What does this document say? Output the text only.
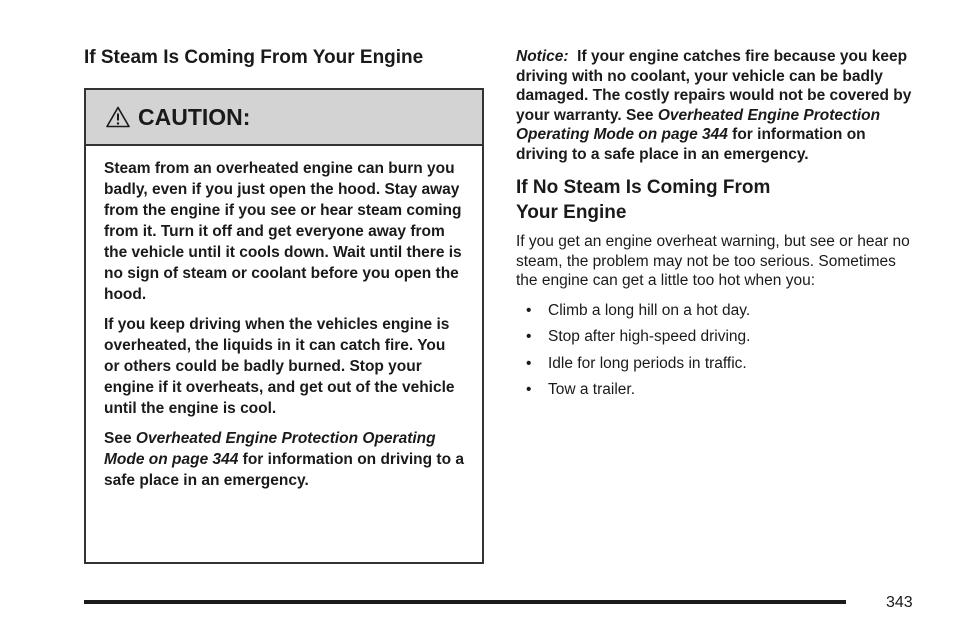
If Steam Is Coming From Your Engine
CAUTION:

Steam from an overheated engine can burn you badly, even if you just open the hood. Stay away from the engine if you see or hear steam coming from it. Turn it off and get everyone away from the vehicle until it cools down. Wait until there is no sign of steam or coolant before you open the hood.

If you keep driving when the vehicles engine is overheated, the liquids in it can catch fire. You or others could be badly burned. Stop your engine if it overheats, and get out of the vehicle until the engine is cool.

See Overheated Engine Protection Operating Mode on page 344 for information on driving to a safe place in an emergency.

Notice: If your engine catches fire because you keep driving with no coolant, your vehicle can be badly damaged. The costly repairs would not be covered by your warranty. See Overheated Engine Protection Operating Mode on page 344 for information on driving to a safe place in an emergency.

If No Steam Is Coming From
Your Engine

If you get an engine overheat warning, but see or hear no steam, the problem may not be too serious. Sometimes the engine can get a little too hot when you:

• Climb a long hill on a hot day.
• Stop after high-speed driving.
• Idle for long periods in traffic.
• Tow a trailer.
343
